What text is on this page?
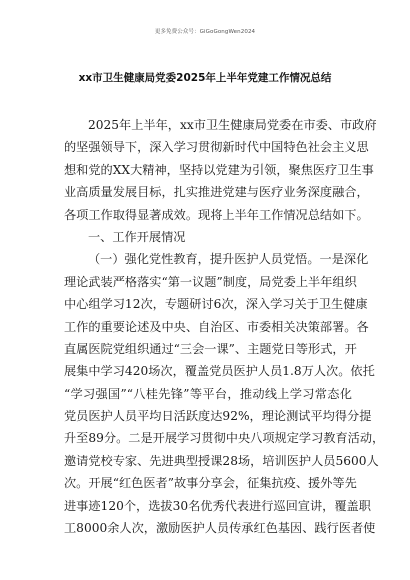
更多免费公众号：GiGoGongWen2024
xx市卫生健康局党委2025年上半年党建工作情况总结
2025年上半年，xx市卫生健康局党委在市委、市政府
的坚强领导下，深入学习贯彻新时代中国特色社会主义思
想和党的XX大精神，坚持以党建为引领，聚焦医疗卫生事
业高质量发展目标，扎实推进党建与医疗业务深度融合，
各项工作取得显著成效。现将上半年工作情况总结如下。
一、工作开展情况
（一）强化党性教育，提升医护人员党悟。一是深化
理论武装严格落实“第一议题”制度，局党委上半年组织
中心组学习12次，专题研讨6次，深入学习关于卫生健康
工作的重要论述及中央、自治区、市委相关决策部署。各
直属医院党组织通过“三会一课”、主题党日等形式，开
展集中学习420场次，覆盖党员医护人员1.8万人次。依托
“学习强国”“八桂先锋”等平台，推动线上学习常态化
党员医护人员平均日活跃度达92%，理论测试平均得分提
升至89分。二是开展学习贯彻中央八项规定学习教育活动，
邀请党校专家、先进典型授课28场，培训医护人员5600人
次。开展“红色医者”故事分享会，征集抗疫、援外等先
进事迹120个，选拔30名优秀代表进行巡回宣讲，覆盖职
工8000余人次，激励医护人员传承红色基因、践行医者使
